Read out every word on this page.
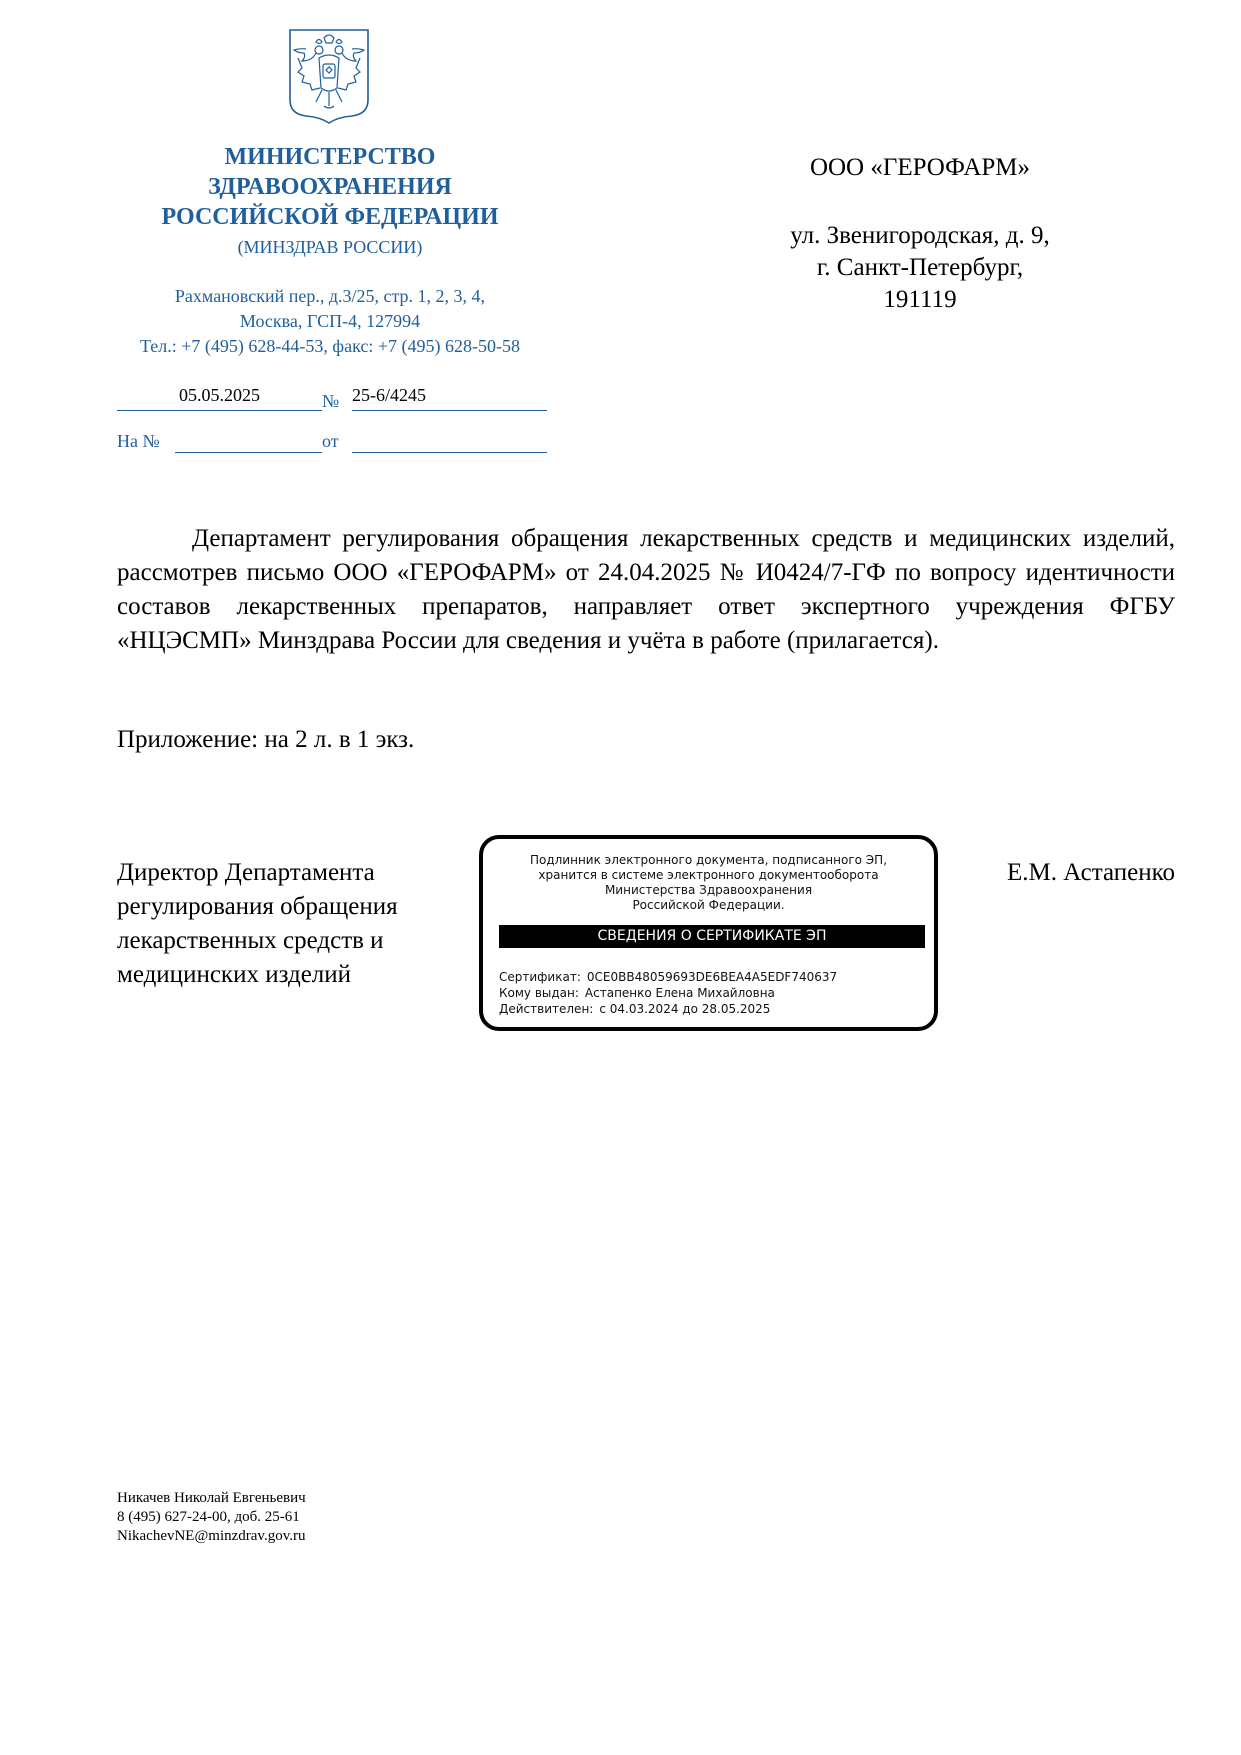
МИНИСТЕРСТВО
ЗДРАВООХРАНЕНИЯ
РОССИЙСКОЙ ФЕДЕРАЦИИ
(МИНЗДРАВ РОССИИ)
Рахмановский пер., д.3/25, стр. 1, 2, 3, 4,
Москва, ГСП-4, 127994
Тел.: +7 (495) 628-44-53, факс: +7 (495) 628-50-58
05.05.2025	№ 25-6/4245
На №	от
ООО «ГЕРОФАРМ»
ул. Звенигородская, д. 9,
г. Санкт-Петербург,
191119

Департамент регулирования обращения лекарственных средств и медицинских изделий, рассмотрев письмо ООО «ГЕРОФАРМ» от 24.04.2025 № И0424/7-ГФ по вопросу идентичности составов лекарственных препаратов, направляет ответ экспертного учреждения ФГБУ «НЦЭСМП» Минздрава России для сведения и учёта в работе (прилагается).

Приложение: на 2 л. в 1 экз.
Директор Департамента
регулирования обращения
лекарственных средств и
медицинских изделий
Подлинник электронного документа, подписанного ЭП,
хранится в системе электронного документооборота
Министерства Здравоохранения
Российской Федерации.
СВЕДЕНИЯ О СЕРТИФИКАТЕ ЭП
Сертификат: 0CE0BB48059693DE6BEA4A5EDF740637
Кому выдан: Астапенко Елена Михайловна
Действителен: с 04.03.2024 до 28.05.2025
Е.М. Астапенко
Никачев Николай Евгеньевич
8 (495) 627-24-00, доб. 25-61
NikachevNE@minzdrav.gov.ru
